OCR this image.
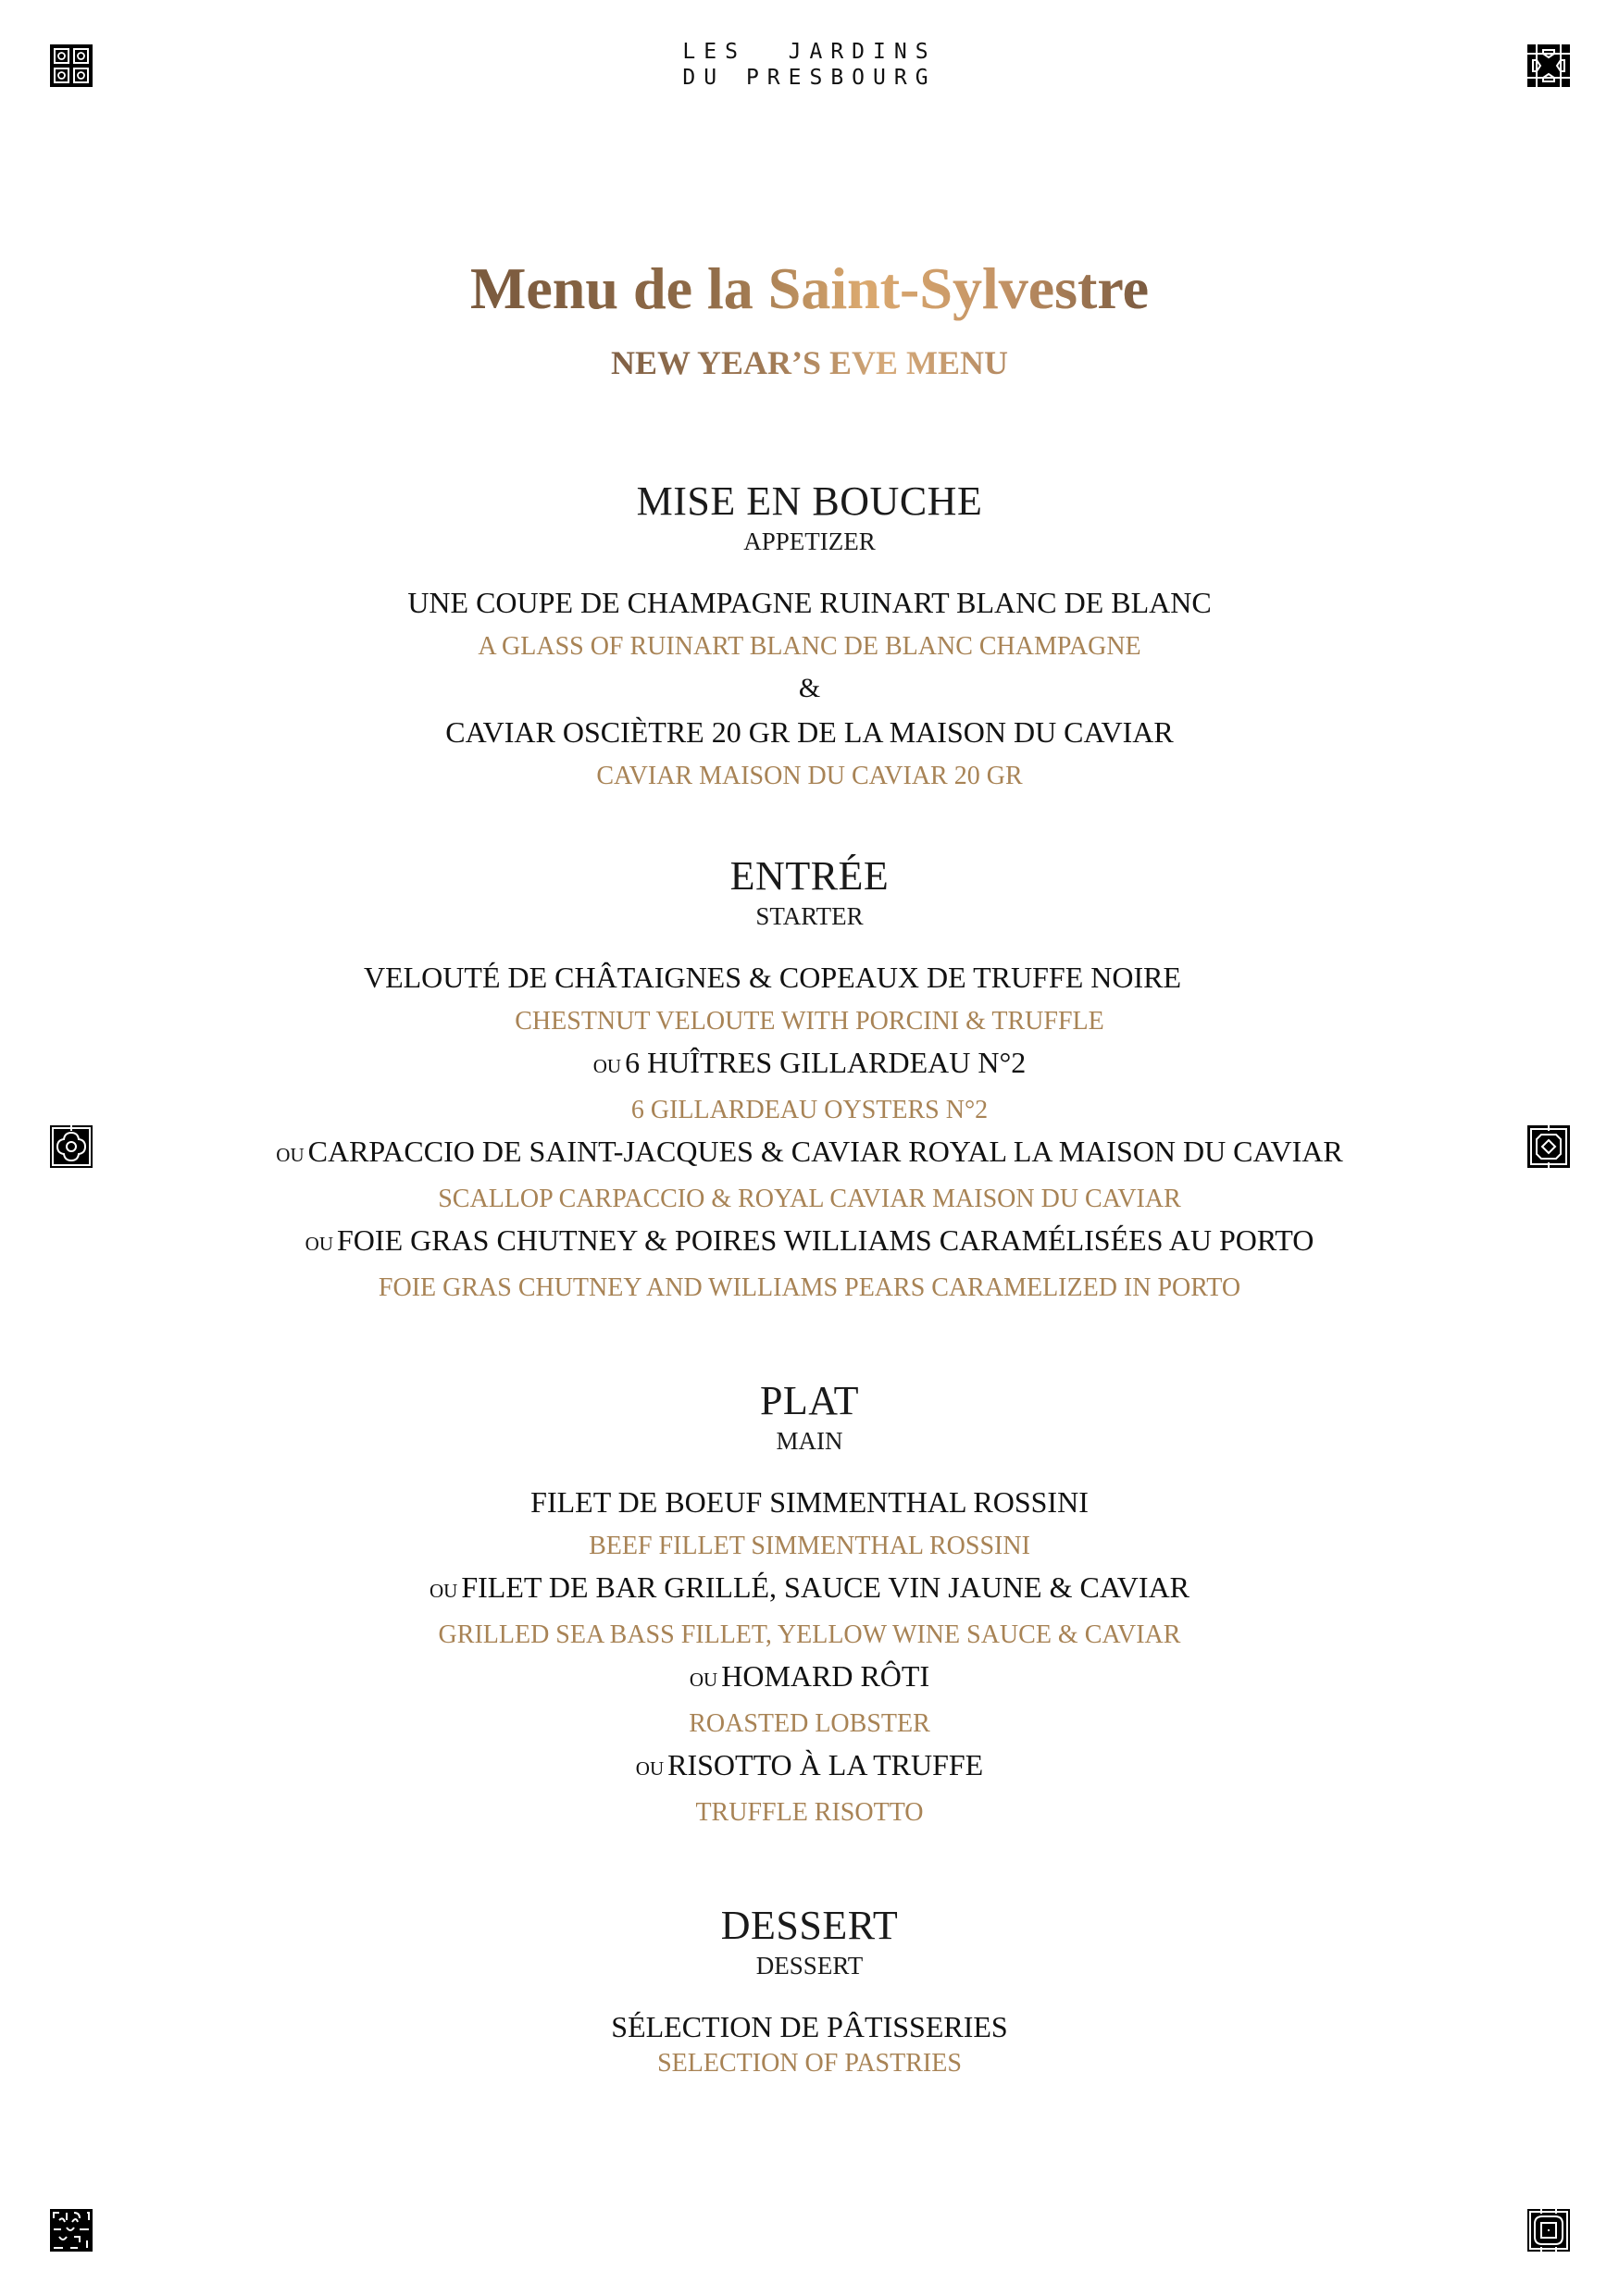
LES  JARDINS
DU PRESBOURG
Menu de la Saint-Sylvestre
NEW YEAR’S EVE MENU
MISE EN BOUCHE
APPETIZER
UNE COUPE DE CHAMPAGNE RUINART BLANC DE BLANC
A GLASS OF RUINART BLANC DE BLANC CHAMPAGNE
&
CAVIAR OSCIÈTRE 20 GR DE LA MAISON DU CAVIAR
CAVIAR MAISON DU CAVIAR 20 GR
ENTRÉE
STARTER
VELOUTÉ DE CHÂTAIGNES & COPEAUX DE TRUFFE NOIRE
CHESTNUT VELOUTE WITH PORCINI & TRUFFLE
OU 6 HUÎTRES GILLARDEAU N°2
6 GILLARDEAU OYSTERS N°2
OU CARPACCIO DE SAINT-JACQUES & CAVIAR ROYAL LA MAISON DU CAVIAR
SCALLOP CARPACCIO & ROYAL CAVIAR MAISON DU CAVIAR
OU FOIE GRAS CHUTNEY & POIRES WILLIAMS CARAMÉLISÉES AU PORTO
FOIE GRAS CHUTNEY AND WILLIAMS PEARS CARAMELIZED IN PORTO
PLAT
MAIN
FILET DE BOEUF SIMMENTHAL ROSSINI
BEEF FILLET SIMMENTHAL ROSSINI
OU FILET DE BAR GRILLÉ, SAUCE VIN JAUNE & CAVIAR
GRILLED SEA BASS FILLET, YELLOW WINE SAUCE & CAVIAR
OU HOMARD RÔTI
ROASTED LOBSTER
OU RISOTTO À LA TRUFFE
TRUFFLE RISOTTO
DESSERT
DESSERT
SÉLECTION DE PÂTISSERIES
SELECTION OF PASTRIES
